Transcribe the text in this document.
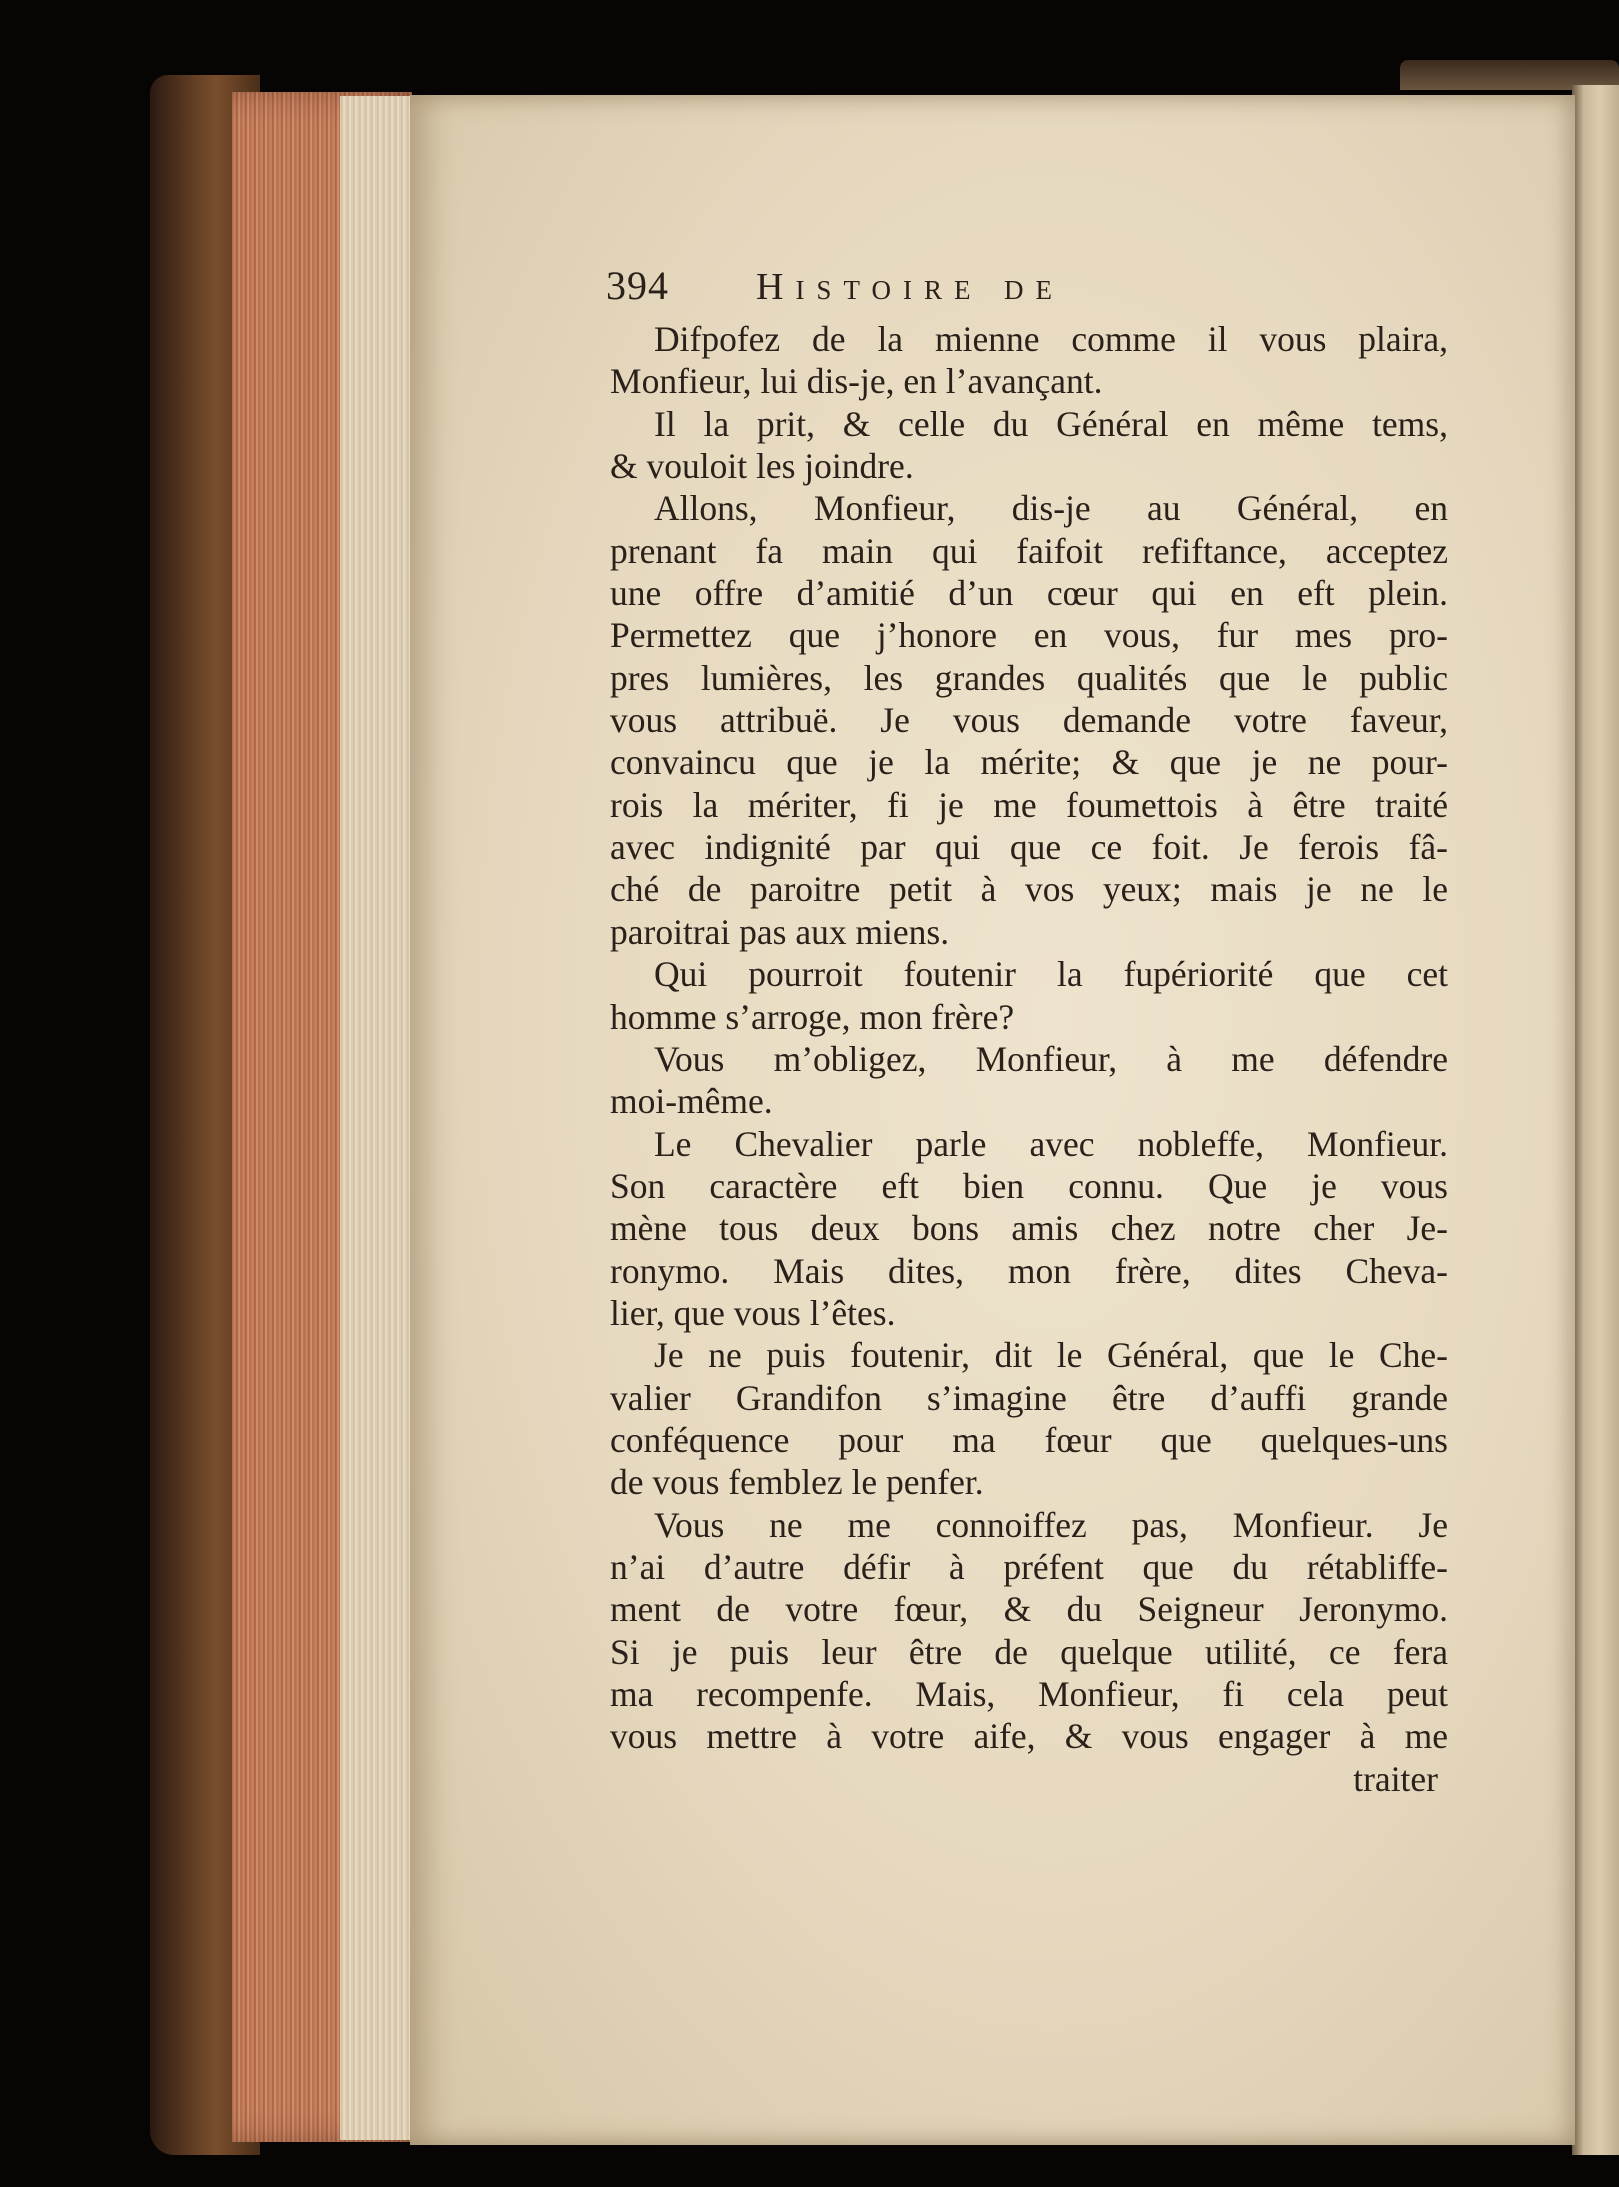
394	Histoire de
Difpofez de la mienne comme il vous plaira,
Monfieur, lui dis-je, en l’avançant.
Il la prit, & celle du Général en même tems,
& vouloit les joindre.
Allons, Monfieur, dis-je au Général, en
prenant fa main qui faifoit refiftance, acceptez
une offre d’amitié d’un cœur qui en eft plein.
Permettez que j’honore en vous, fur mes pro-
pres lumières, les grandes qualités que le public
vous attribuë. Je vous demande votre faveur,
convaincu que je la mérite; & que je ne pour-
rois la mériter, fi je me foumettois à être traité
avec indignité par qui que ce foit. Je ferois fâ-
ché de paroitre petit à vos yeux; mais je ne le
paroitrai pas aux miens.
Qui pourroit foutenir la fupériorité que cet
homme s’arroge, mon frère?
Vous m’obligez, Monfieur, à me défendre
moi-même.
Le Chevalier parle avec nobleffe, Monfieur.
Son caractère eft bien connu. Que je vous
mène tous deux bons amis chez notre cher Je-
ronymo. Mais dites, mon frère, dites Cheva-
lier, que vous l’êtes.
Je ne puis foutenir, dit le Général, que le Che-
valier Grandifon s’imagine être d’auffi grande
conféquence pour ma fœur que quelques-uns
de vous femblez le penfer.
Vous ne me connoiffez pas, Monfieur. Je
n’ai d’autre défir à préfent que du rétabliffe-
ment de votre fœur, & du Seigneur Jeronymo.
Si je puis leur être de quelque utilité, ce fera
ma recompenfe. Mais, Monfieur, fi cela peut
vous mettre à votre aife, & vous engager à me
traiter
